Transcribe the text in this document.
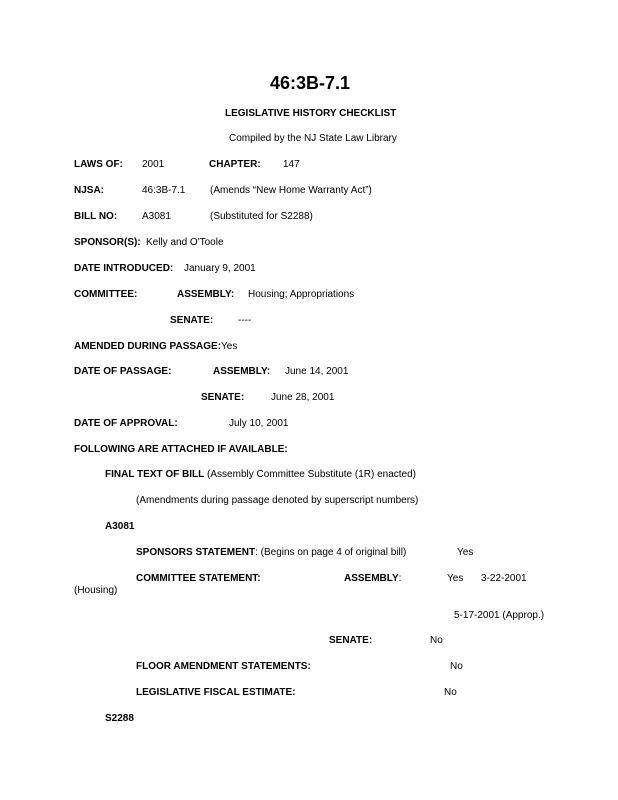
46:3B-7.1
LEGISLATIVE HISTORY CHECKLIST
Compiled by the NJ State Law Library
LAWS OF: 2001	CHAPTER: 147
NJSA:	46:3B-7.1 (Amends “New Home Warranty Act”)
BILL NO: A3081	(Substituted for S2288)
SPONSOR(S): Kelly and O'Toole
DATE INTRODUCED: January 9, 2001
COMMITTEE:	ASSEMBLY: Housing; Appropriations
SENATE: ----
AMENDED DURING PASSAGE: Yes
DATE OF PASSAGE:	ASSEMBLY: June 14, 2001
SENATE:	June 28, 2001
DATE OF APPROVAL:	July 10, 2001
FOLLOWING ARE ATTACHED IF AVAILABLE:
FINAL TEXT OF BILL (Assembly Committee Substitute (1R) enacted)
(Amendments during passage denoted by superscript numbers)
A3081
SPONSORS STATEMENT: (Begins on page 4 of original bill)	Yes
COMMITTEE STATEMENT:	ASSEMBLY:	Yes 3-22-2001
(Housing)
5-17-2001 (Approp.)
SENATE:	No
FLOOR AMENDMENT STATEMENTS:	No
LEGISLATIVE FISCAL ESTIMATE:	No
S2288
